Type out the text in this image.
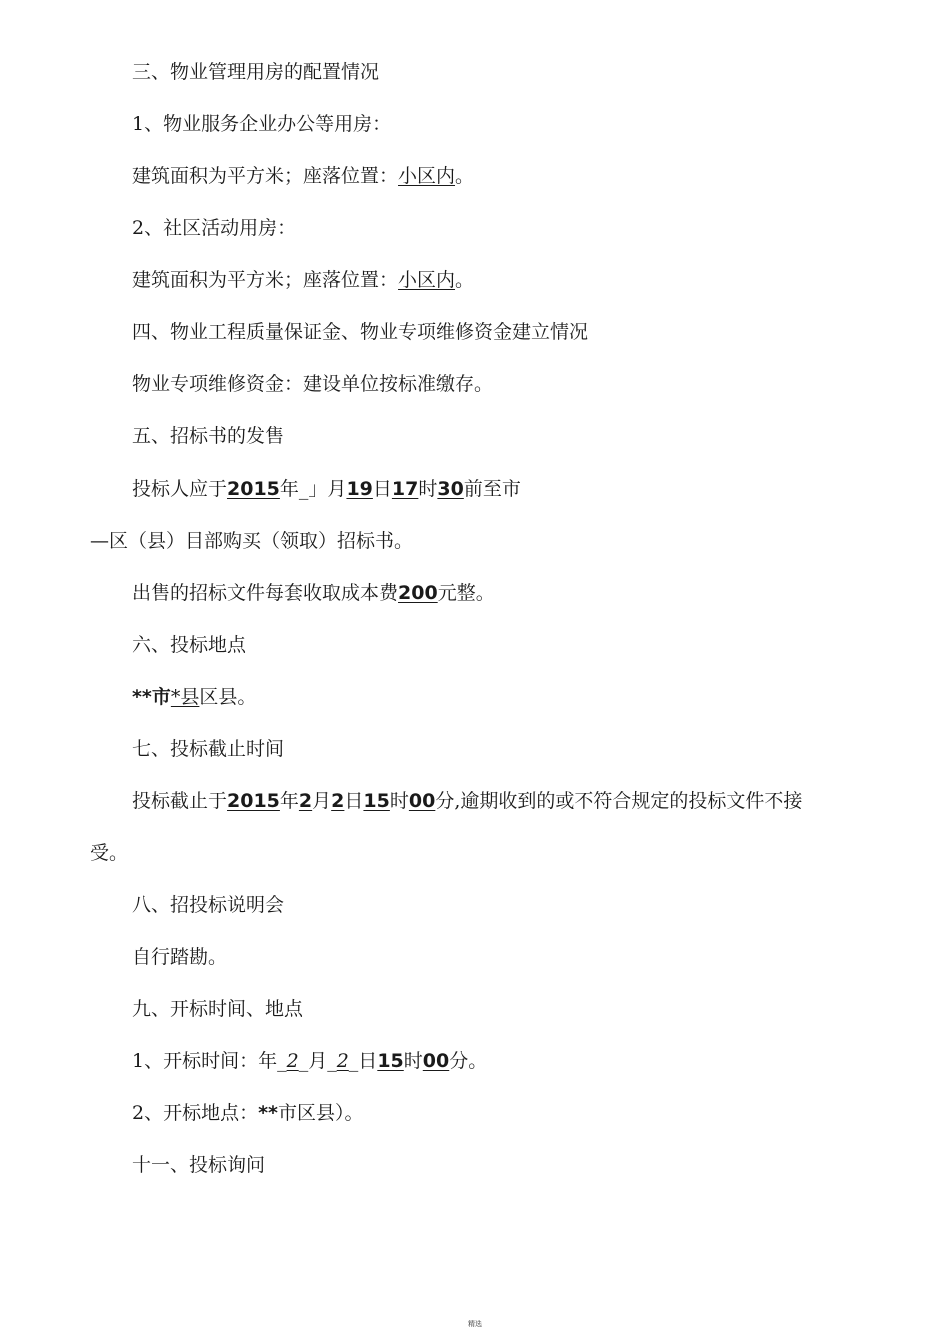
三、物业管理用房的配置情况
1、物业服务企业办公等用房：
建筑面积为平方米；座落位置：小区内。
2、社区活动用房：
建筑面积为平方米；座落位置：小区内。
四、物业工程质量保证金、物业专项维修资金建立情况
物业专项维修资金：建设单位按标准缴存。
五、招标书的发售
投标人应于2015年_」月19日17时30前至市
—区（县）目部购买（领取）招标书。
出售的招标文件每套收取成本费200元整。
六、投标地点
**市*县区县。
七、投标截止时间
投标截止于2015年2月2日15时00分,逾期收到的或不符合规定的投标文件不接
受。
八、招投标说明会
自行踏勘。
九、开标时间、地点
1、开标时间：年_2_月_2_日15时00分。
2、开标地点：**市区县）。
十一、投标询问
精选
